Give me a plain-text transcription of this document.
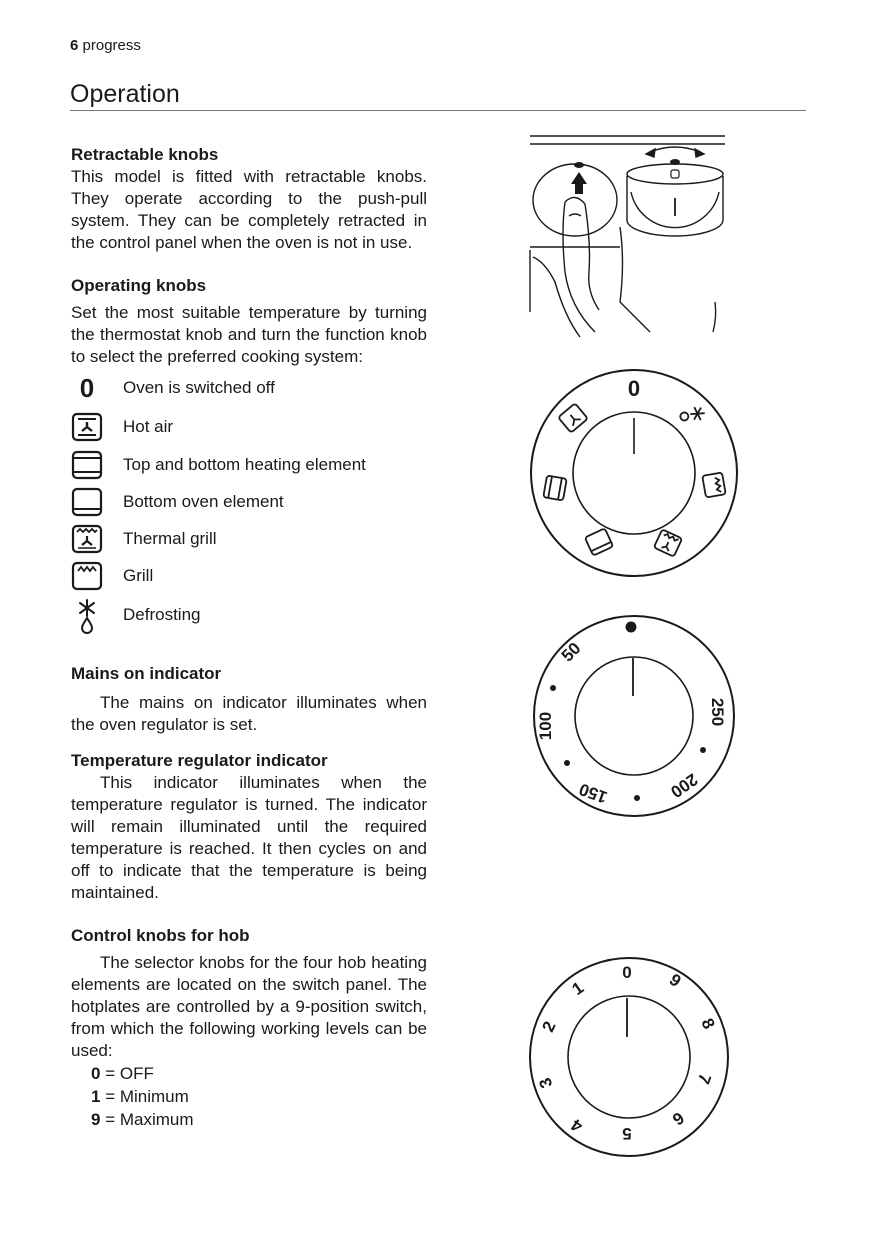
6 progress
Operation
Retractable knobs

This model is fitted with retractable knobs. They operate according to the push-pull system. They can be completely retracted in the control panel when the oven is not in use.

Operating knobs

Set the most suitable temperature by turning the thermostat knob and turn the function knob to select the preferred cooking system:

0 Oven is switched off
Hot air
Top and bottom heating element
Bottom oven element
Thermal grill
Grill
Defrosting
Mains on indicator

The mains on indicator illuminates when the oven regulator is set.

Temperature regulator indicator

This indicator illuminates when the temperature regulator is turned. The indicator will remain illuminated until the required temperature is reached. It then cycles on and off to indicate that the temperature is being maintained.

Control knobs for hob

The selector knobs for the four hob heating elements are located on the switch panel. The hotplates are controlled by a 9-position switch, from which the following working levels can be used:

0 = OFF
1 = Minimum
9 = Maximum
0
50
100
150	200
250
0
1
2
3
4 5
6
7
8
9
